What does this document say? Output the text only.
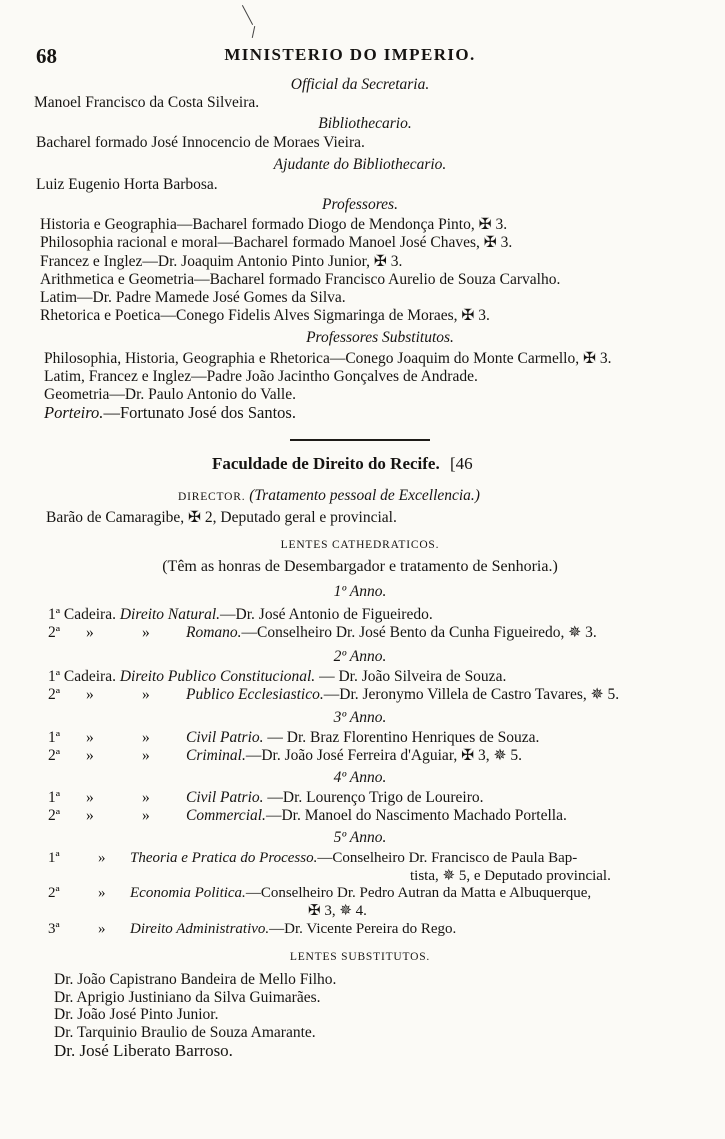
68	MINISTERIO DO IMPERIO.
Official da Secretaria.
Manoel Francisco da Costa Silveira.
Bibliothecario.
Bacharel formado José Innocencio de Moraes Vieira.
Ajudante do Bibliothecario.
Luiz Eugenio Horta Barbosa.
Professores.
Historia e Geographia—Bacharel formado Diogo de Mendonça Pinto, ✠ 3.
Philosophia racional e moral—Bacharel formado Manoel José Chaves, ✠ 3.
Francez e Inglez—Dr. Joaquim Antonio Pinto Junior, ✠ 3.
Arithmetica e Geometria—Bacharel formado Francisco Aurelio de Souza Carvalho.
Latim—Dr. Padre Mamede José Gomes da Silva.
Rhetorica e Poetica—Conego Fidelis Alves Sigmaringa de Moraes, ✠ 3.
Professores Substitutos.
Philosophia, Historia, Geographia e Rhetorica—Conego Joaquim do Monte Carmello, ✠ 3.
Latim, Francez e Inglez—Padre João Jacintho Gonçalves de Andrade.
Geometria—Dr. Paulo Antonio do Valle.
Porteiro.—Fortunato José dos Santos.
Faculdade de Direito do Recife. [46
DIRECTOR. (Tratamento pessoal de Excellencia.)
Barão de Camaragibe, ✠ 2, Deputado geral e provincial.
LENTES CATHEDRATICOS.
(Têm as honras de Desembargador e tratamento de Senhoria.)
1º Anno.
1ª Cadeira. Direito Natural.—Dr. José Antonio de Figueiredo.
2ª »	» Romano.—Conselheiro Dr. José Bento da Cunha Figueiredo, ✵ 3.
2º Anno.
1ª Cadeira. Direito Publico Constitucional. — Dr. João Silveira de Souza.
2ª »	» Publico Ecclesiastico.—Dr. Jeronymo Villela de Castro Tavares, ✵ 5.
3º Anno.
1ª »	» Civil Patrio. — Dr. Braz Florentino Henriques de Souza.
2ª »	» Criminal.—Dr. João José Ferreira d'Aguiar, ✠ 3, ✵ 5.
4º Anno.
1ª »	» Civil Patrio. —Dr. Lourenço Trigo de Loureiro.
2ª »	» Commercial.—Dr. Manoel do Nascimento Machado Portella.
5º Anno.
1ª	» Theoria e Pratica do Processo.—Conselheiro Dr. Francisco de Paula Bap-
tista, ✵ 5, e Deputado provincial.
2ª	» Economia Politica.—Conselheiro Dr. Pedro Autran da Matta e Albuquerque,
✠ 3, ✵ 4.
3ª	» Direito Administrativo.—Dr. Vicente Pereira do Rego.
LENTES SUBSTITUTOS.
Dr. João Capistrano Bandeira de Mello Filho.
Dr. Aprigio Justiniano da Silva Guimarães.
Dr. João José Pinto Junior.
Dr. Tarquinio Braulio de Souza Amarante.
Dr. José Liberato Barroso.
